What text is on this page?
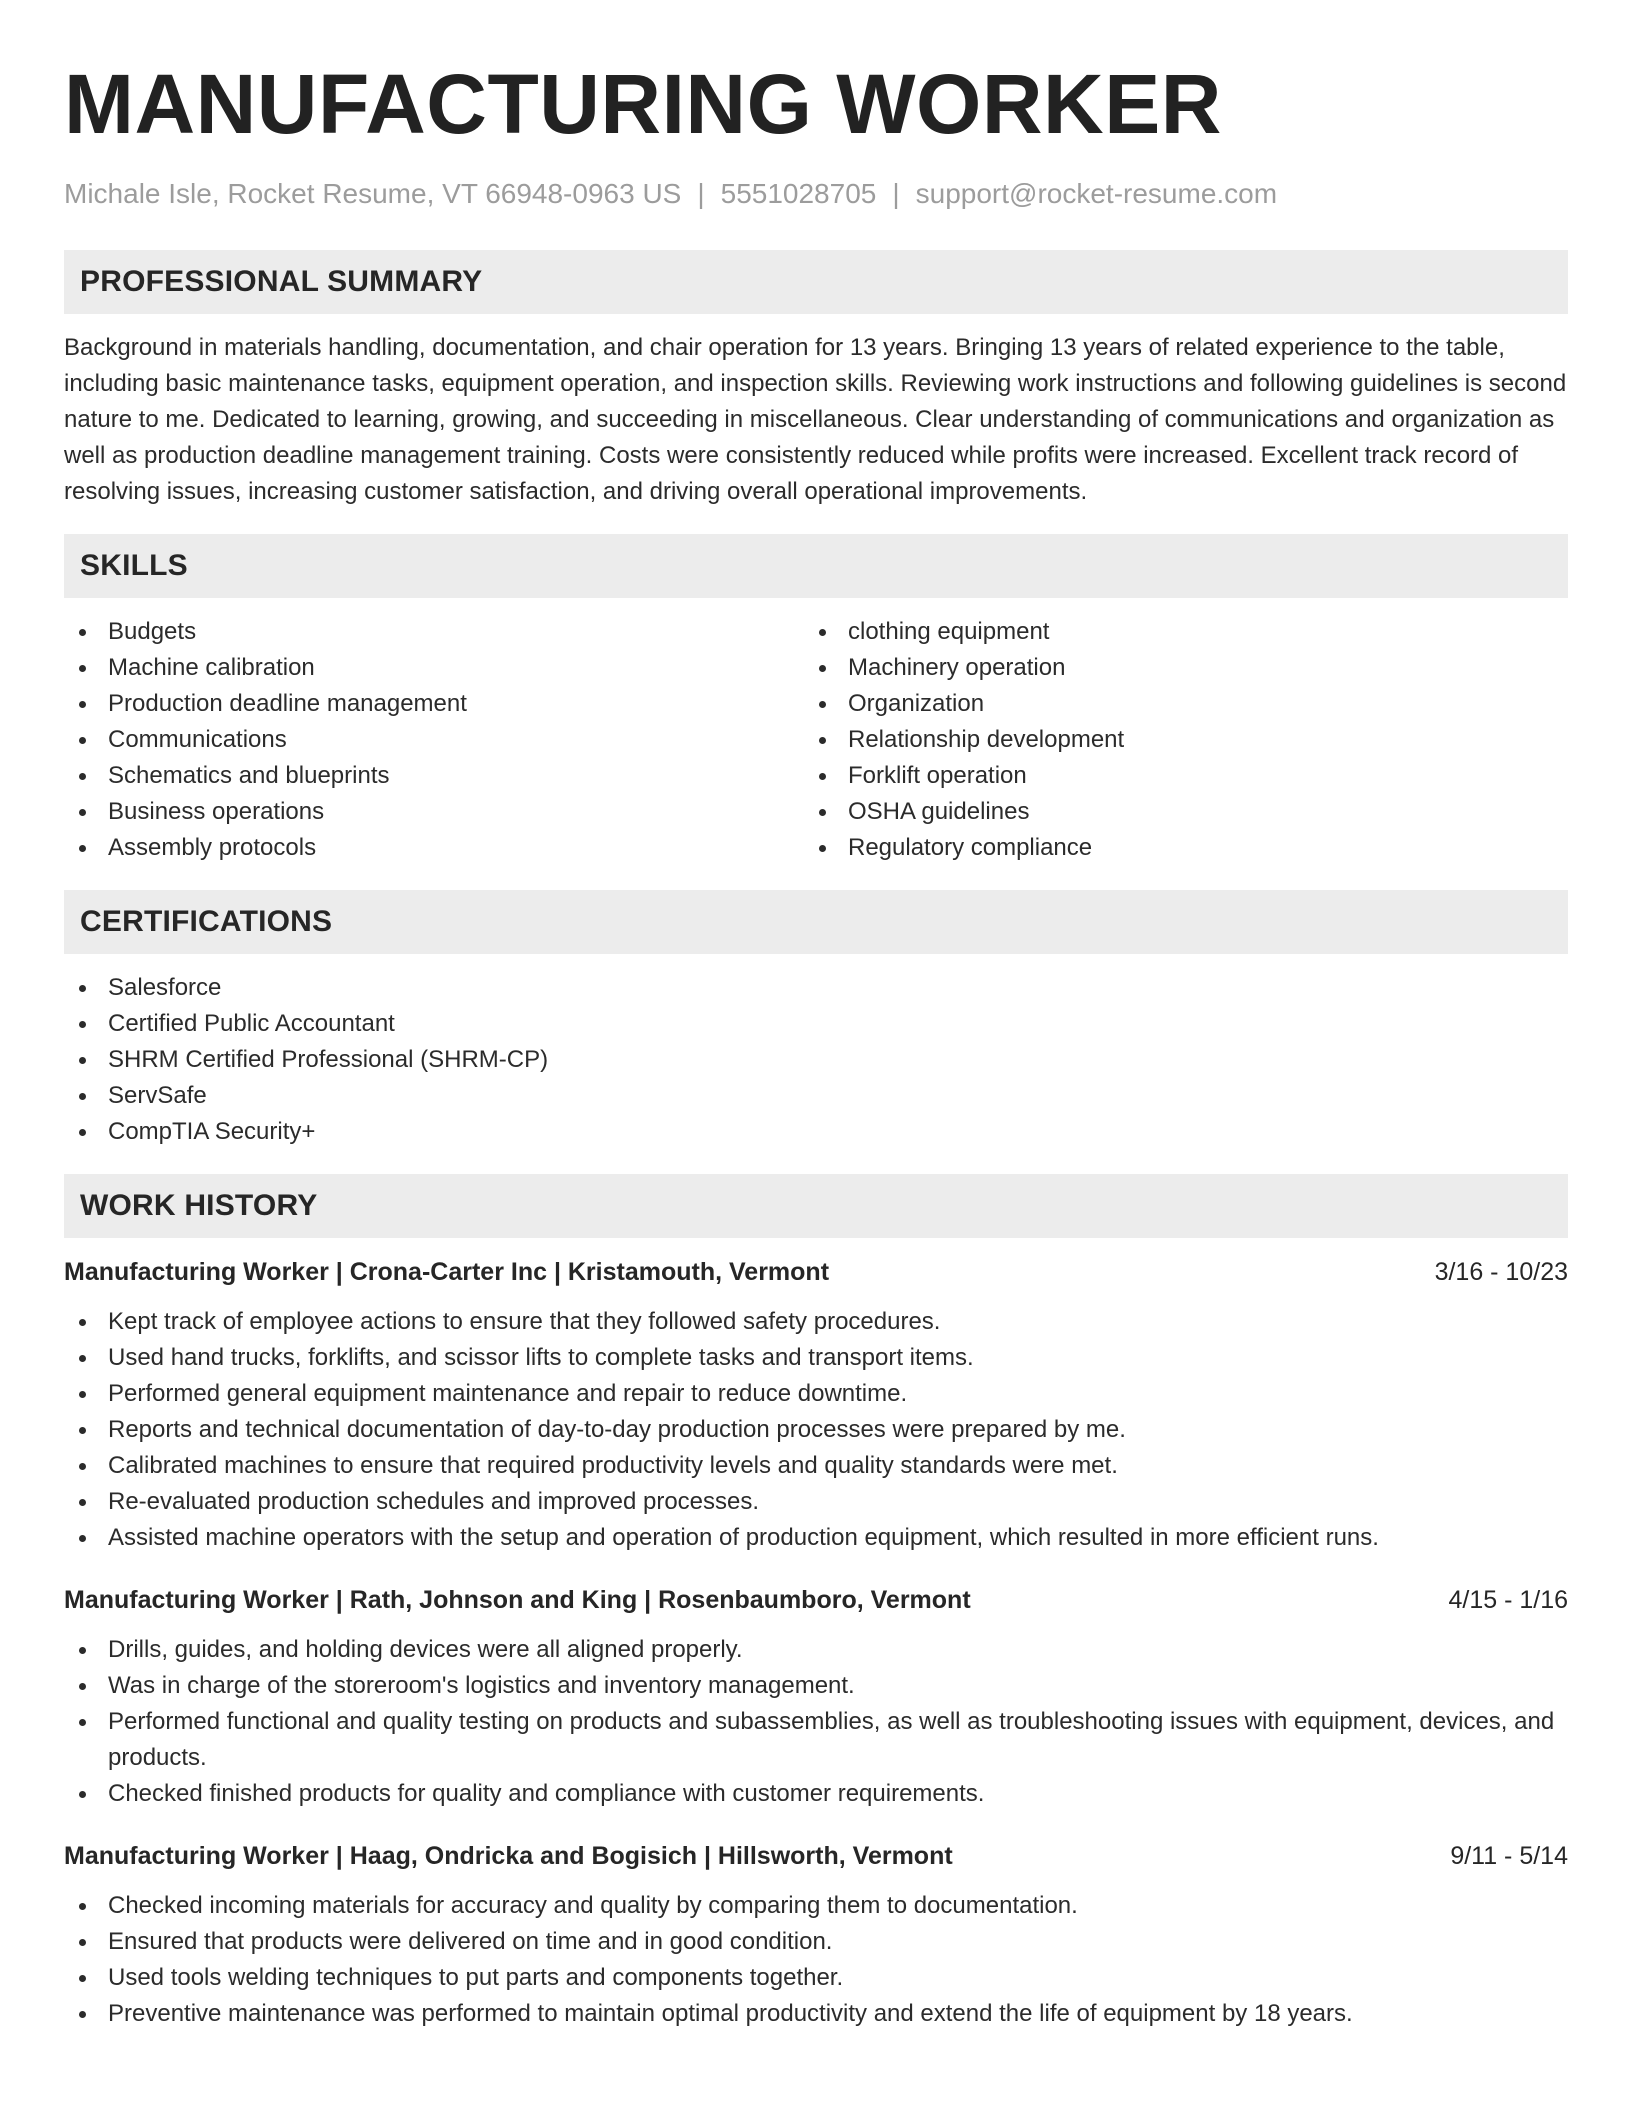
MANUFACTURING WORKER
Michale Isle, Rocket Resume, VT 66948-0963 US | 5551028705 | support@rocket-resume.com
PROFESSIONAL SUMMARY

Background in materials handling, documentation, and chair operation for 13 years. Bringing 13 years of related experience to the table, including basic maintenance tasks, equipment operation, and inspection skills. Reviewing work instructions and following guidelines is second nature to me. Dedicated to learning, growing, and succeeding in miscellaneous. Clear understanding of communications and organization as well as production deadline management training. Costs were consistently reduced while profits were increased. Excellent track record of resolving issues, increasing customer satisfaction, and driving overall operational improvements.

SKILLS
Budgets
Machine calibration
Production deadline management
Communications
Schematics and blueprints
Business operations
Assembly protocols
clothing equipment
Machinery operation
Organization
Relationship development
Forklift operation
OSHA guidelines
Regulatory compliance
CERTIFICATIONS
Salesforce
Certified Public Accountant
SHRM Certified Professional (SHRM-CP)
ServSafe
CompTIA Security+
WORK HISTORY
Manufacturing Worker | Crona-Carter Inc | Kristamouth, Vermont	3/16 - 10/23
Kept track of employee actions to ensure that they followed safety procedures.
Used hand trucks, forklifts, and scissor lifts to complete tasks and transport items.
Performed general equipment maintenance and repair to reduce downtime.
Reports and technical documentation of day-to-day production processes were prepared by me.
Calibrated machines to ensure that required productivity levels and quality standards were met.
Re-evaluated production schedules and improved processes.
Assisted machine operators with the setup and operation of production equipment, which resulted in more efficient runs.
Manufacturing Worker | Rath, Johnson and King | Rosenbaumboro, Vermont	4/15 - 1/16
Drills, guides, and holding devices were all aligned properly.
Was in charge of the storeroom's logistics and inventory management.
Performed functional and quality testing on products and subassemblies, as well as troubleshooting issues with equipment, devices, and products.
Checked finished products for quality and compliance with customer requirements.
Manufacturing Worker | Haag, Ondricka and Bogisich | Hillsworth, Vermont	9/11 - 5/14
Checked incoming materials for accuracy and quality by comparing them to documentation.
Ensured that products were delivered on time and in good condition.
Used tools welding techniques to put parts and components together.
Preventive maintenance was performed to maintain optimal productivity and extend the life of equipment by 18 years.
